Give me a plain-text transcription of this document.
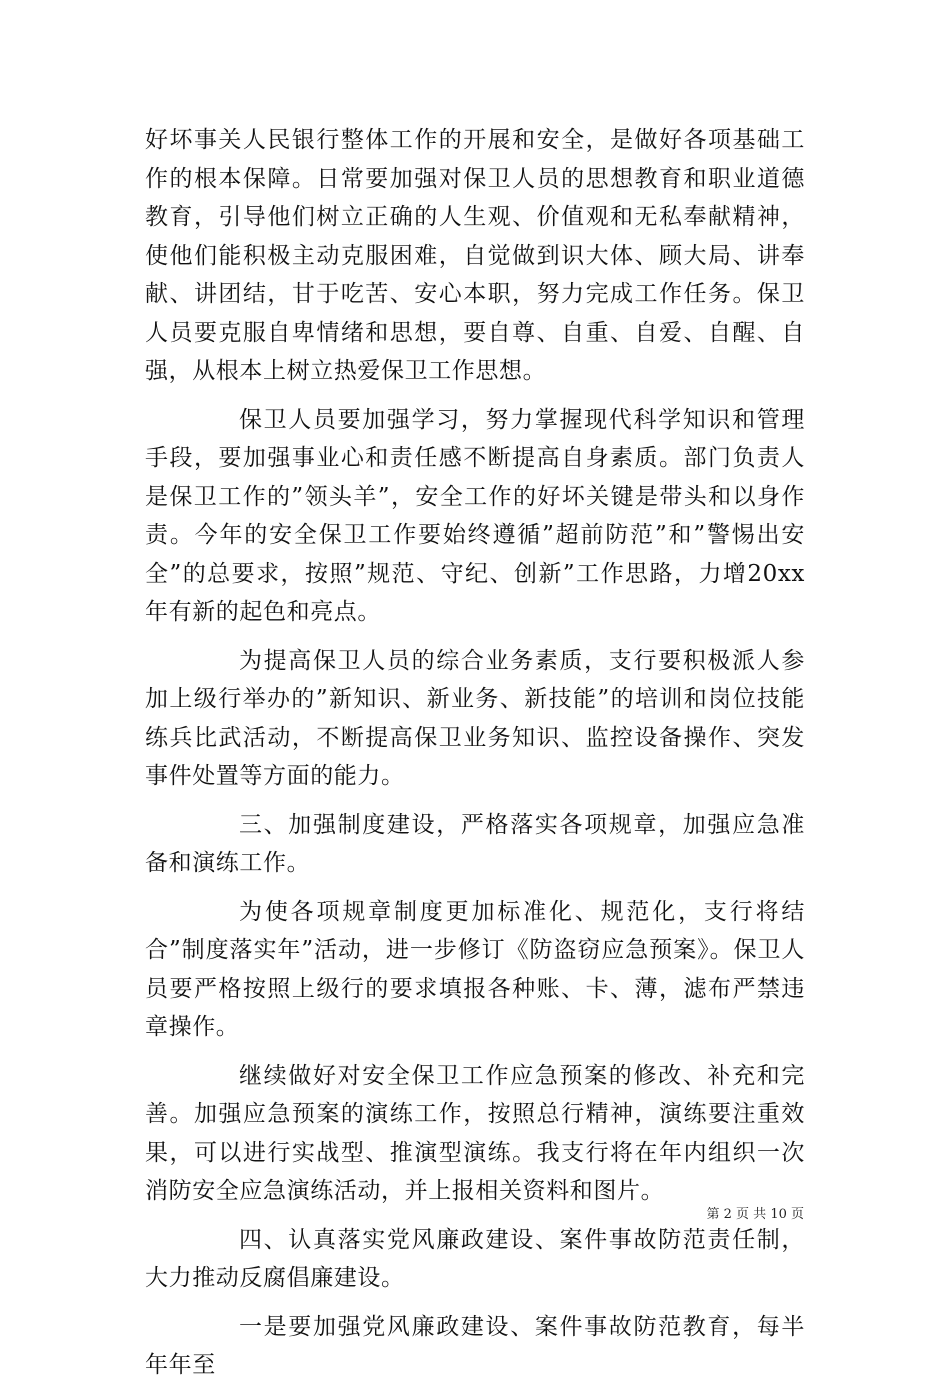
好坏事关人民银行整体工作的开展和安全，是做好各项基础工作的根本保障。日常要加强对保卫人员的思想教育和职业道德教育，引导他们树立正确的人生观、价值观和无私奉献精神，使他们能积极主动克服困难，自觉做到识大体、顾大局、讲奉献、讲团结，甘于吃苦、安心本职，努力完成工作任务。保卫人员要克服自卑情绪和思想，要自尊、自重、自爱、自醒、自强，从根本上树立热爱保卫工作思想。

保卫人员要加强学习，努力掌握现代科学知识和管理手段，要加强事业心和责任感不断提高自身素质。部门负责人是保卫工作的”领头羊”，安全工作的好坏关键是带头和以身作责。今年的安全保卫工作要始终遵循”超前防范”和”警惕出安全”的总要求，按照”规范、守纪、创新”工作思路，力增20xx年有新的起色和亮点。

为提高保卫人员的综合业务素质，支行要积极派人参加上级行举办的”新知识、新业务、新技能”的培训和岗位技能练兵比武活动，不断提高保卫业务知识、监控设备操作、突发事件处置等方面的能力。

三、加强制度建设，严格落实各项规章，加强应急准备和演练工作。

为使各项规章制度更加标准化、规范化，支行将结合”制度落实年”活动，进一步修订《防盗窃应急预案》。保卫人员要严格按照上级行的要求填报各种账、卡、薄，滤布严禁违章操作。

继续做好对安全保卫工作应急预案的修改、补充和完善。加强应急预案的演练工作，按照总行精神，演练要注重效果，可以进行实战型、推演型演练。我支行将在年内组织一次消防安全应急演练活动，并上报相关资料和图片。

四、认真落实党风廉政建设、案件事故防范责任制，大力推动反腐倡廉建设。

一是要加强党风廉政建设、案件事故防范教育，每半年年至

第 2 页 共 10 页
